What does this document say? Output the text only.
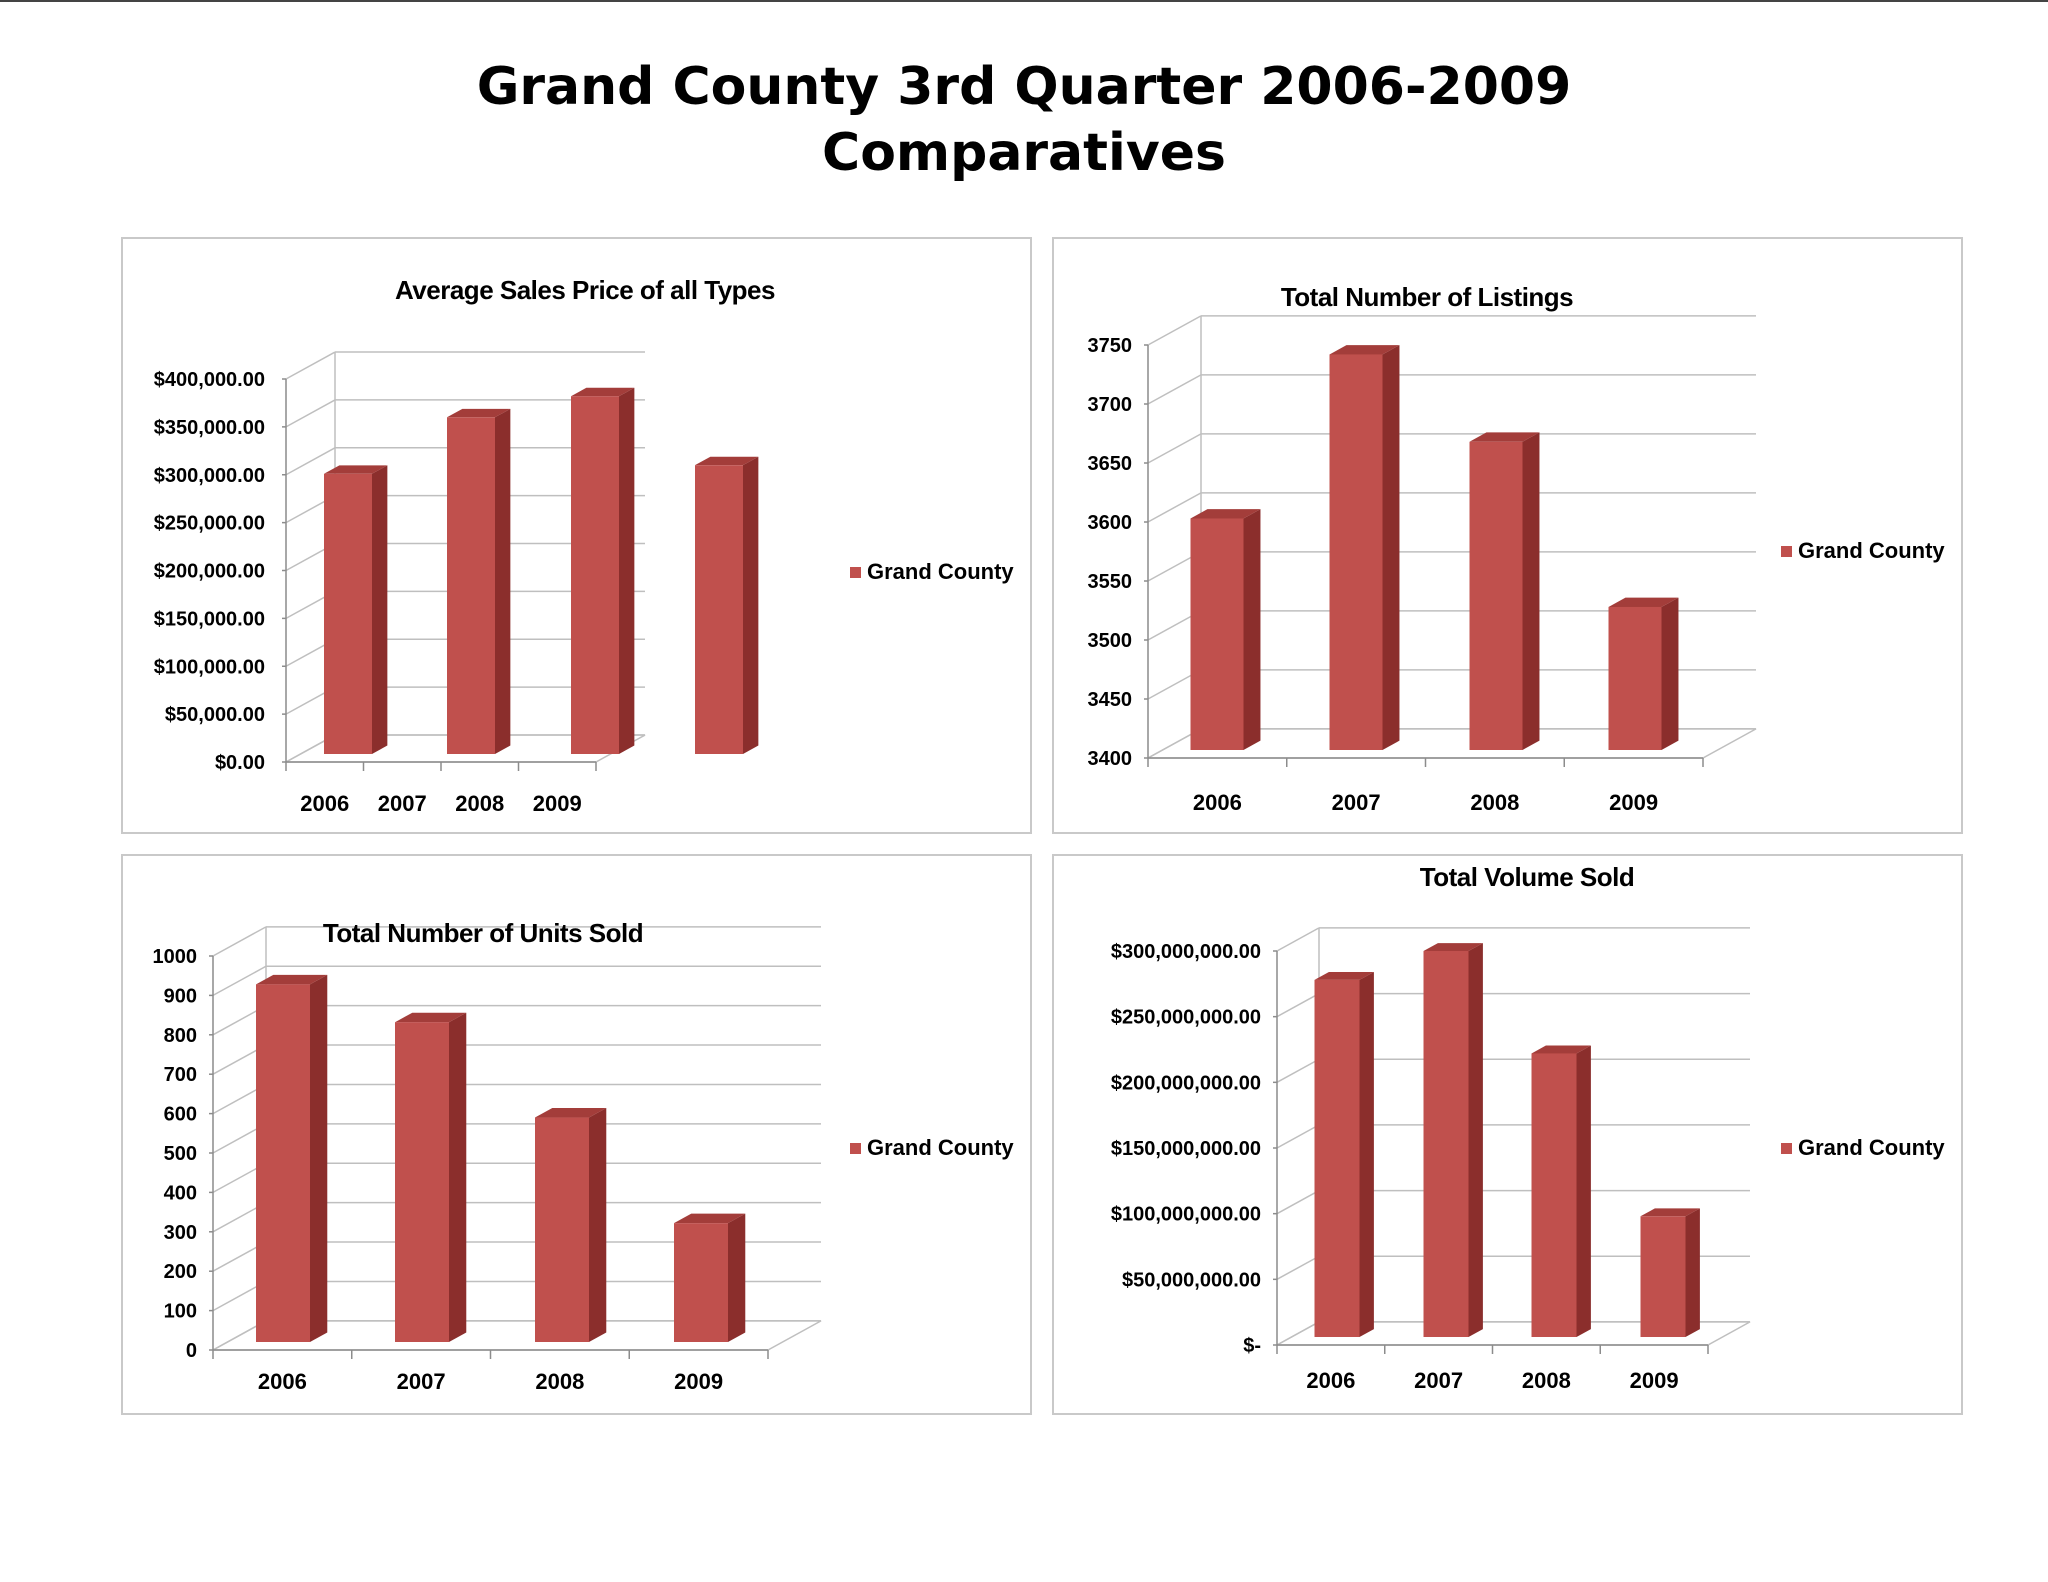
Grand County 3rd Quarter 2006-2009
Comparatives
$0.00
$50,000.00
$100,000.00
$150,000.00
$200,000.00
$250,000.00
$300,000.00
$350,000.00
$400,000.00
2006 2007 2008 2009
Average Sales Price of all Types
Grand County
3400
3450
3500
3550
3600
3650
3700
3750
2006	2007	2008	2009
Total Number of Listings
Grand County
0
100
200
300
400
500
600
700
800
900
1000
2006	2007	2008	2009
Total Number of Units Sold
Grand County
$-
$50,000,000.00
$100,000,000.00
$150,000,000.00
$200,000,000.00
$250,000,000.00
$300,000,000.00
2006	2007	2008	2009
Total Volume Sold
Grand County
